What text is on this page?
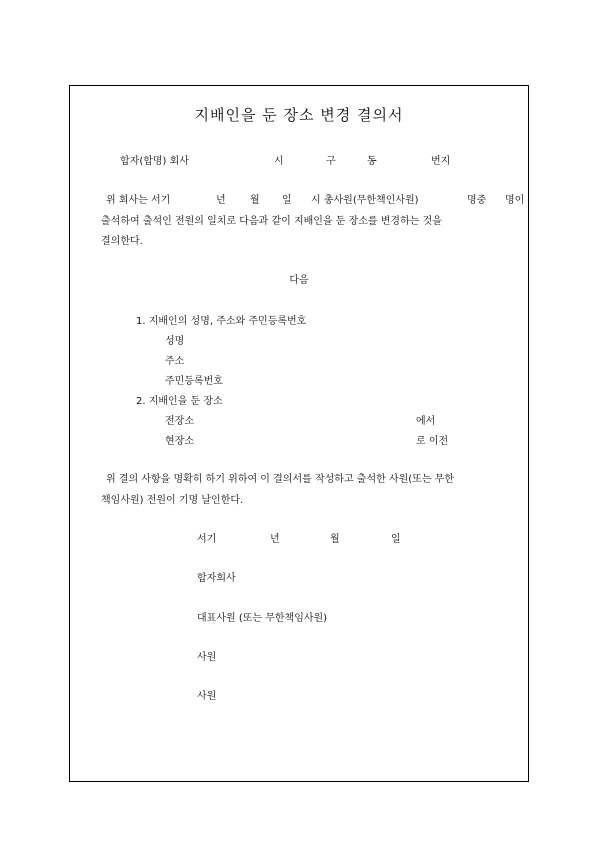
지배인을 둔 장소 변경 결의서
합자(합명) 회사	시	구	동	번지
위 회사는 서기	년 월 일 시 총사원(무한책인사원)	명중 명이
출석하여 출석인 전원의 일치로 다음과 같이 지배인을 둔 장소를 변경하는 것을
결의한다.
다음
1. 지배인의 성명, 주소와 주민등록번호
성명
주소
주민등록번호
2. 지배인을 둔 장소
전장소	에서
현장소	로 이전
위 결의 사항을 명확히 하기 위하여 이 결의서를 작성하고 출석한 사원(또는 무한
책임사원) 전원이 기명 날인한다.
서기	년	월	일
합자회사
대표사원 (또는 무한책임사원)
사원
사원
